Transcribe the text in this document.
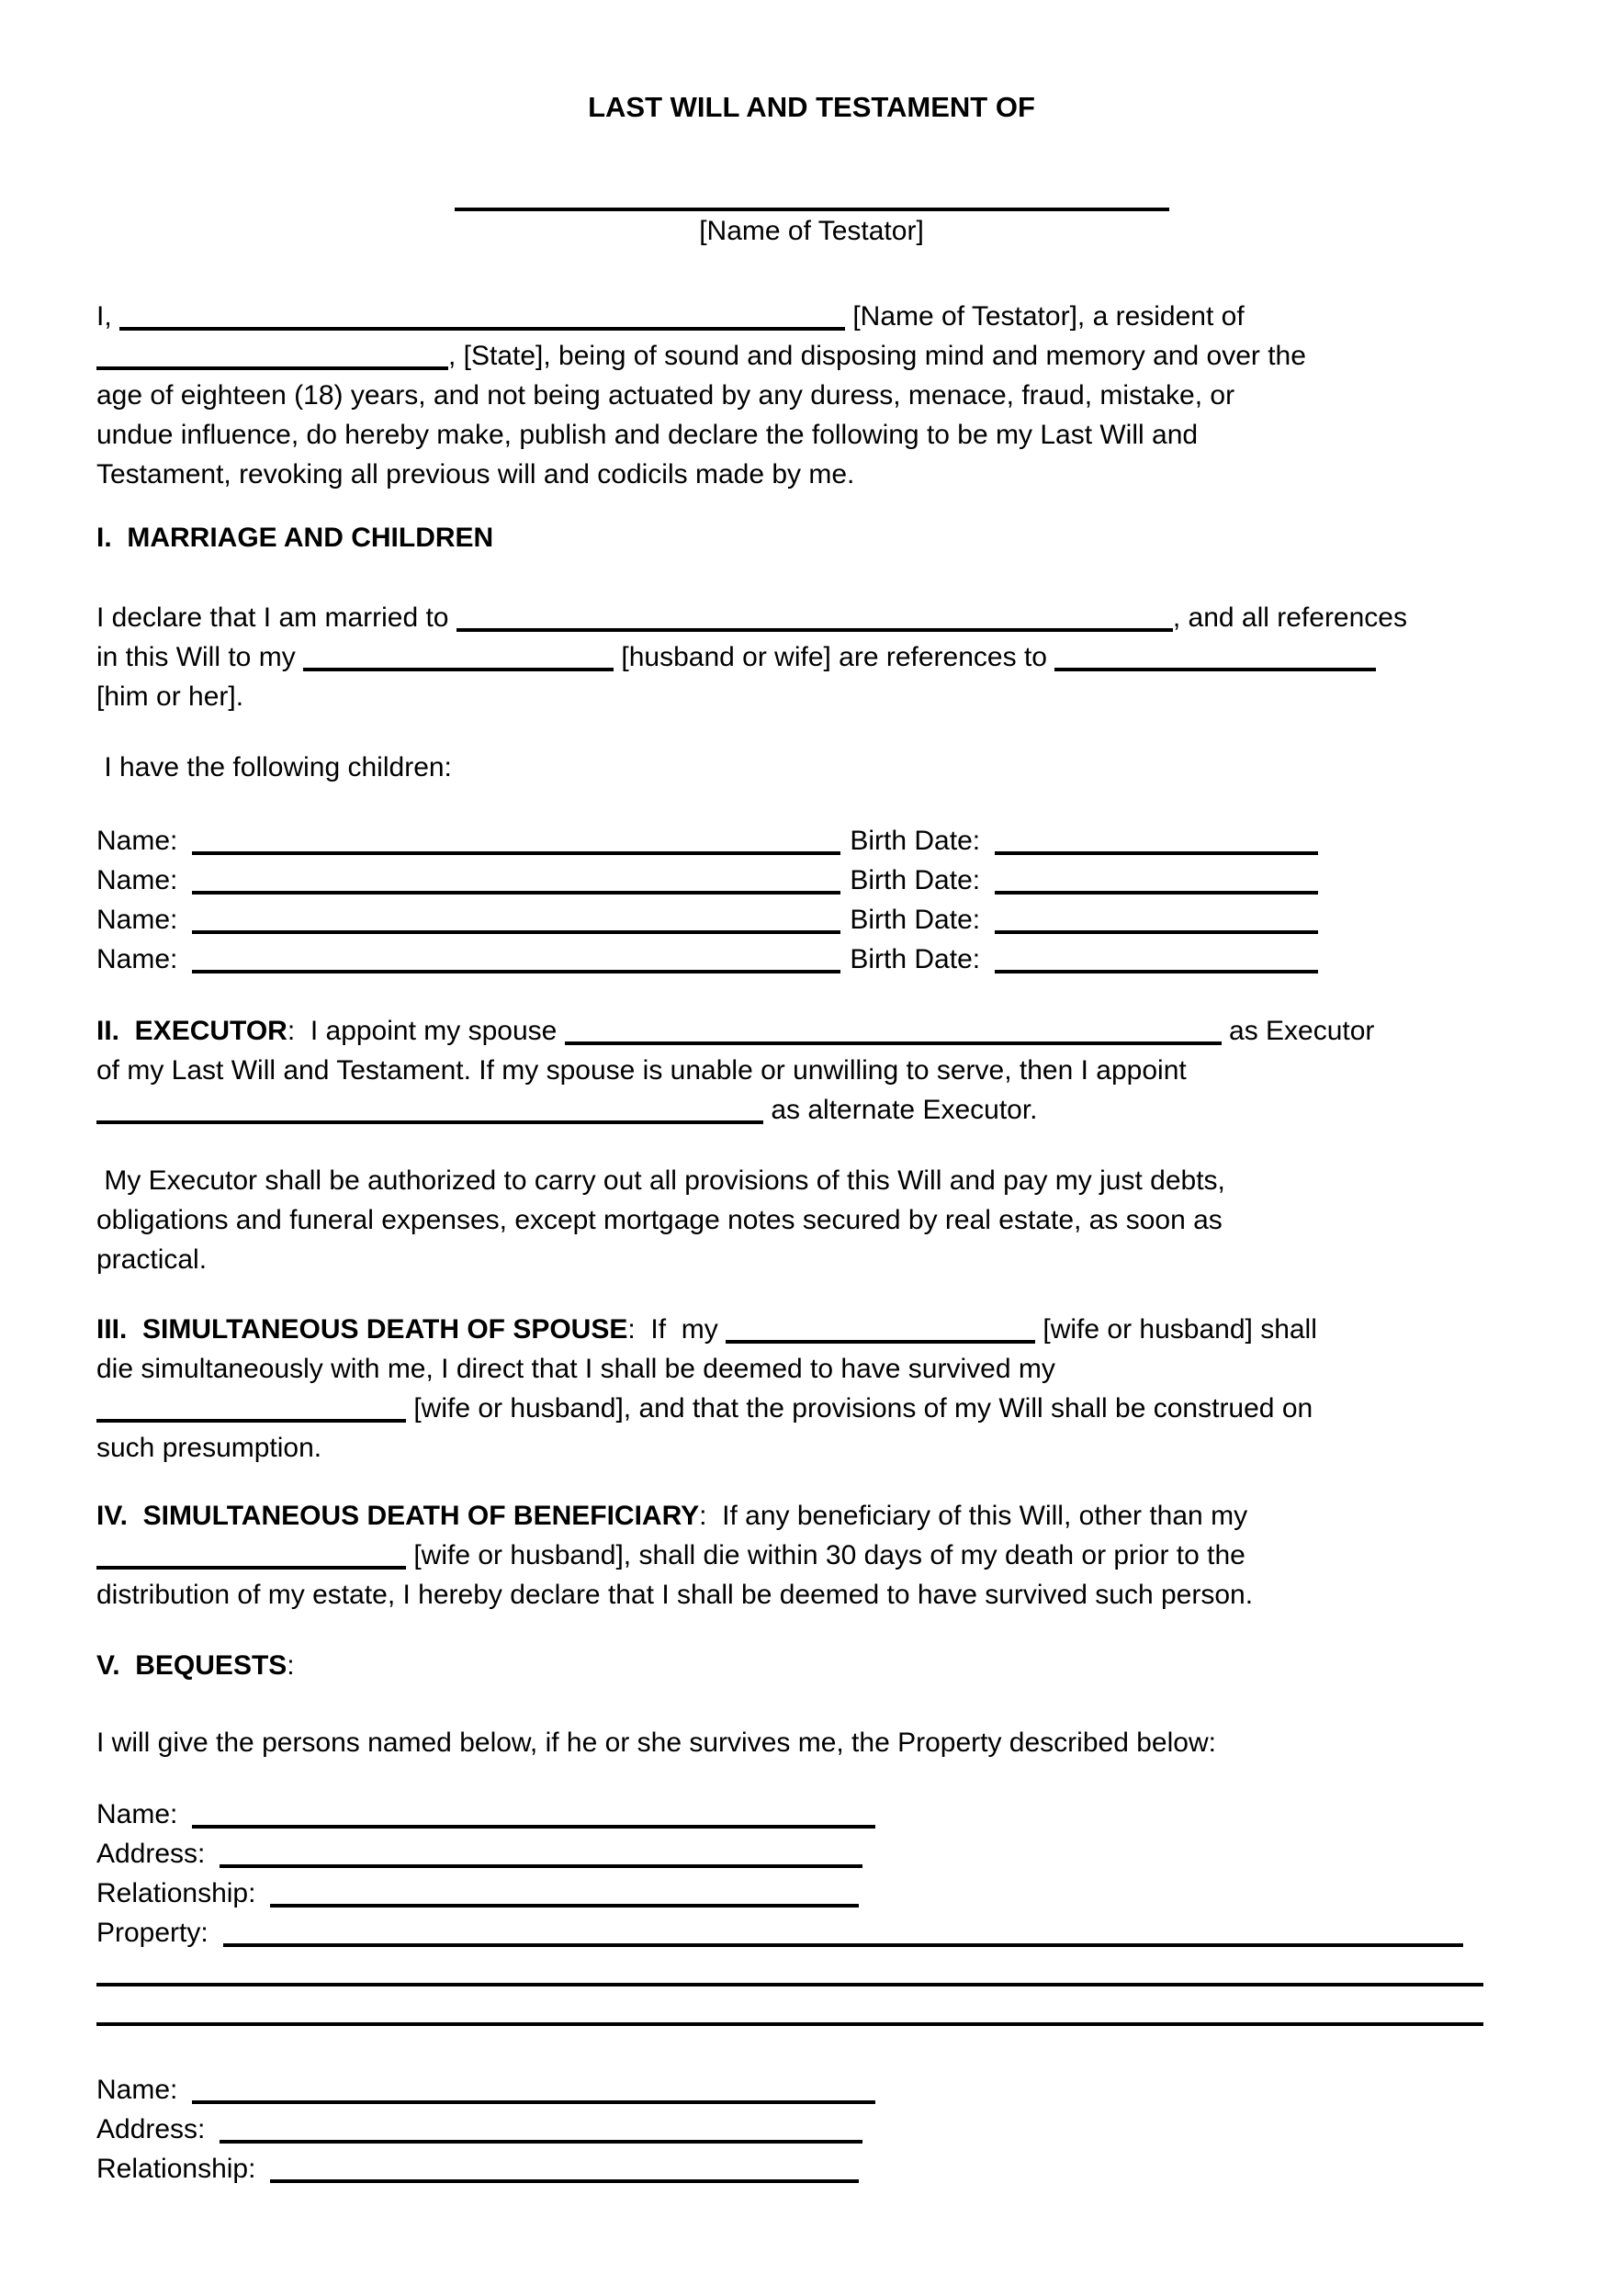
LAST WILL AND TESTAMENT OF
[Name of Testator]
I,	[Name of Testator], a resident of
, [State], being of sound and disposing mind and memory and over the
age of eighteen (18) years, and not being actuated by any duress, menace, fraud, mistake, or
undue influence, do hereby make, publish and declare the following to be my Last Will and
Testament, revoking all previous will and codicils made by me.
I.  MARRIAGE AND CHILDREN
I declare that I am married to	, and all references
in this Will to my	[husband or wife] are references to
[him or her].
I have the following children:
Name:	Birth Date:
Name:	Birth Date:
Name:	Birth Date:
Name:	Birth Date:
II.  EXECUTOR:  I appoint my spouse	as Executor
of my Last Will and Testament. If my spouse is unable or unwilling to serve, then I appoint
as alternate Executor.
My Executor shall be authorized to carry out all provisions of this Will and pay my just debts,
obligations and funeral expenses, except mortgage notes secured by real estate, as soon as
practical.
III.  SIMULTANEOUS DEATH OF SPOUSE:  If  my	[wife or husband] shall
die simultaneously with me, I direct that I shall be deemed to have survived my
[wife or husband], and that the provisions of my Will shall be construed on
such presumption.
IV.  SIMULTANEOUS DEATH OF BENEFICIARY:  If any beneficiary of this Will, other than my
[wife or husband], shall die within 30 days of my death or prior to the
distribution of my estate, I hereby declare that I shall be deemed to have survived such person.
V.  BEQUESTS:
I will give the persons named below, if he or she survives me, the Property described below:
Name:
Address:
Relationship:
Property:
Name:
Address:
Relationship:
